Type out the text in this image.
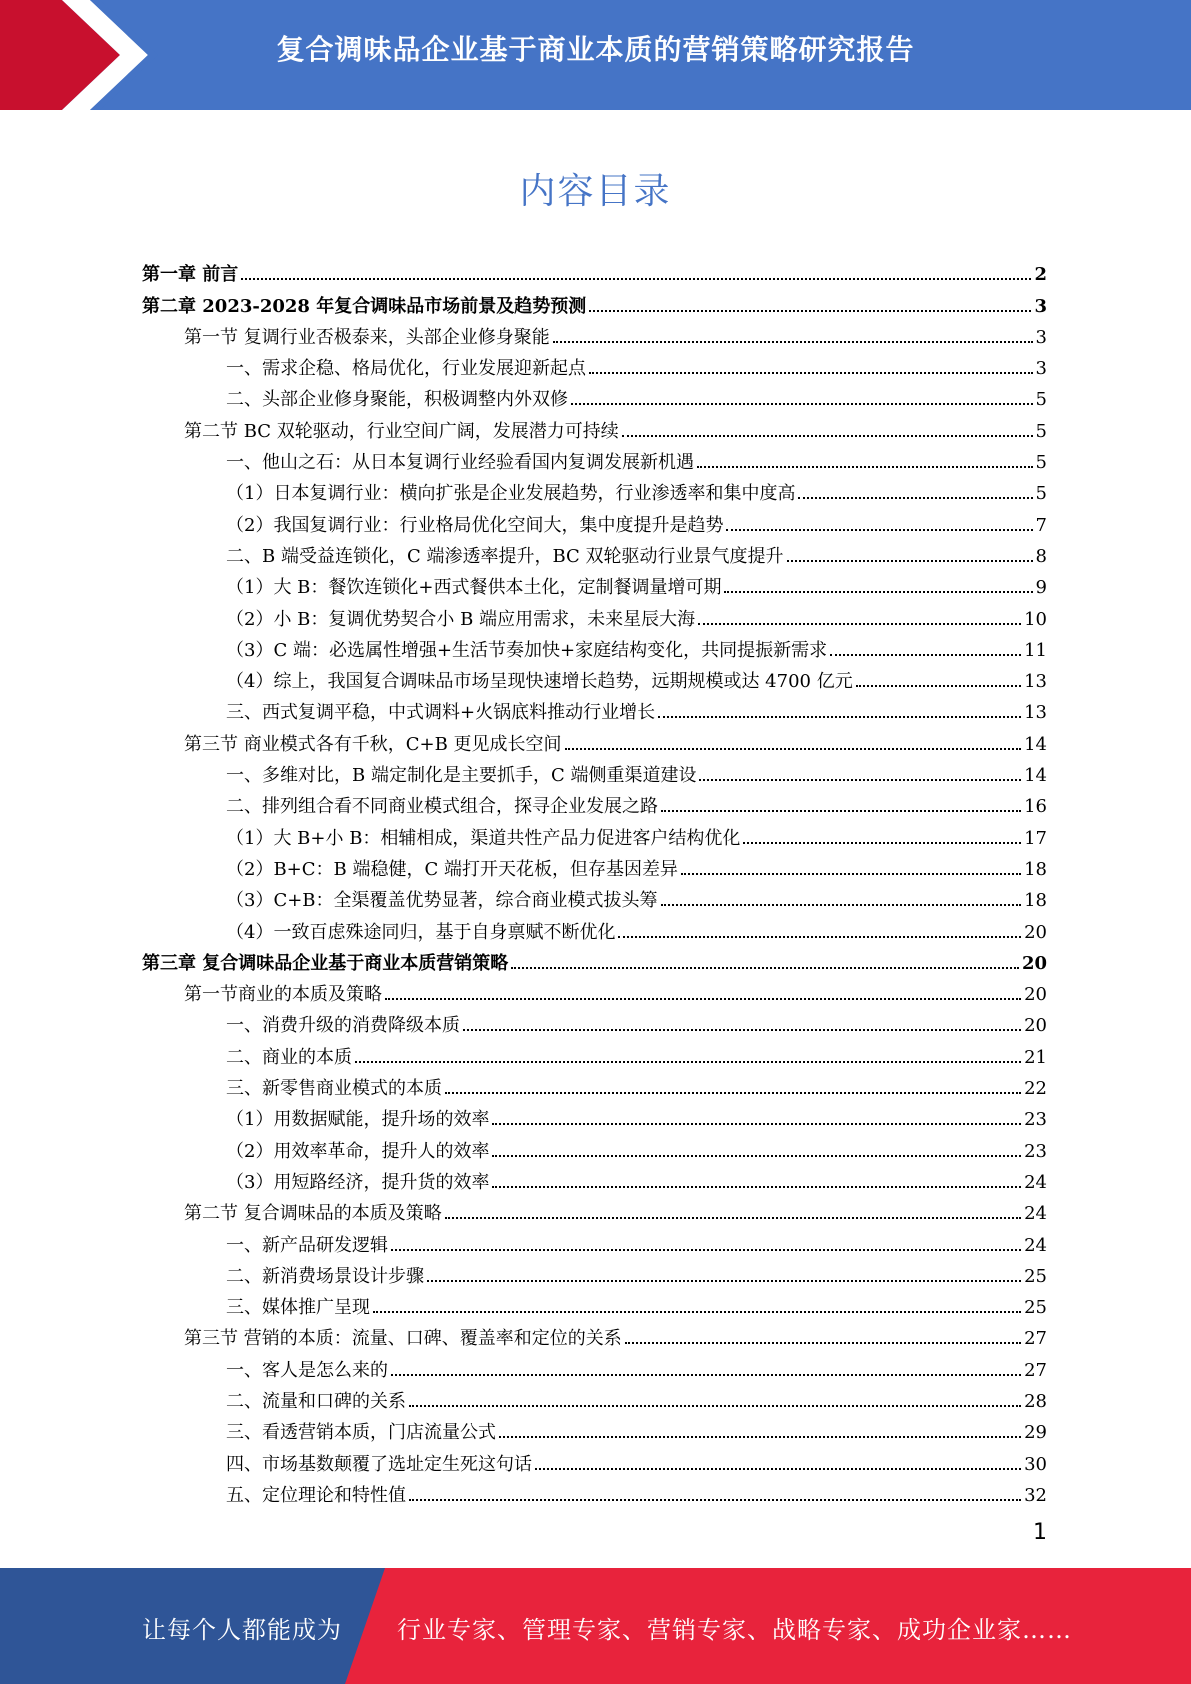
复合调味品企业基于商业本质的营销策略研究报告
内容目录
第一章 前言	2
第二章 2023-2028 年复合调味品市场前景及趋势预测	3
第一节 复调行业否极泰来，头部企业修身聚能	3
一、需求企稳、格局优化，行业发展迎新起点	3
二、头部企业修身聚能，积极调整内外双修	5
第二节 BC 双轮驱动，行业空间广阔，发展潜力可持续	5
一、他山之石：从日本复调行业经验看国内复调发展新机遇	5
（1）日本复调行业：横向扩张是企业发展趋势，行业渗透率和集中度高	5
（2）我国复调行业：行业格局优化空间大，集中度提升是趋势	7
二、B 端受益连锁化，C 端渗透率提升，BC 双轮驱动行业景气度提升	8
（1）大 B：餐饮连锁化+西式餐供本土化，定制餐调量增可期	9
（2）小 B：复调优势契合小 B 端应用需求，未来星辰大海	10
（3）C 端：必选属性增强+生活节奏加快+家庭结构变化，共同提振新需求	11
（4）综上，我国复合调味品市场呈现快速增长趋势，远期规模或达 4700 亿元	13
三、西式复调平稳，中式调料+火锅底料推动行业增长	13
第三节 商业模式各有千秋，C+B 更见成长空间	14
一、多维对比，B 端定制化是主要抓手，C 端侧重渠道建设	14
二、排列组合看不同商业模式组合，探寻企业发展之路	16
（1）大 B+小 B：相辅相成，渠道共性产品力促进客户结构优化	17
（2）B+C：B 端稳健，C 端打开天花板，但存基因差异	18
（3）C+B：全渠覆盖优势显著，综合商业模式拔头筹	18
（4）一致百虑殊途同归，基于自身禀赋不断优化	20
第三章 复合调味品企业基于商业本质营销策略	20
第一节商业的本质及策略	20
一、消费升级的消费降级本质	20
二、商业的本质	21
三、新零售商业模式的本质	22
（1）用数据赋能，提升场的效率	23
（2）用效率革命，提升人的效率	23
（3）用短路经济，提升货的效率	24
第二节 复合调味品的本质及策略	24
一、新产品研发逻辑	24
二、新消费场景设计步骤	25
三、媒体推广呈现	25
第三节 营销的本质：流量、口碑、覆盖率和定位的关系	27
一、客人是怎么来的	27
二、流量和口碑的关系	28
三、看透营销本质，门店流量公式	29
四、市场基数颠覆了选址定生死这句话	30
五、定位理论和特性值	32
1
让每个人都能成为 行业专家、管理专家、营销专家、战略专家、成功企业家……
